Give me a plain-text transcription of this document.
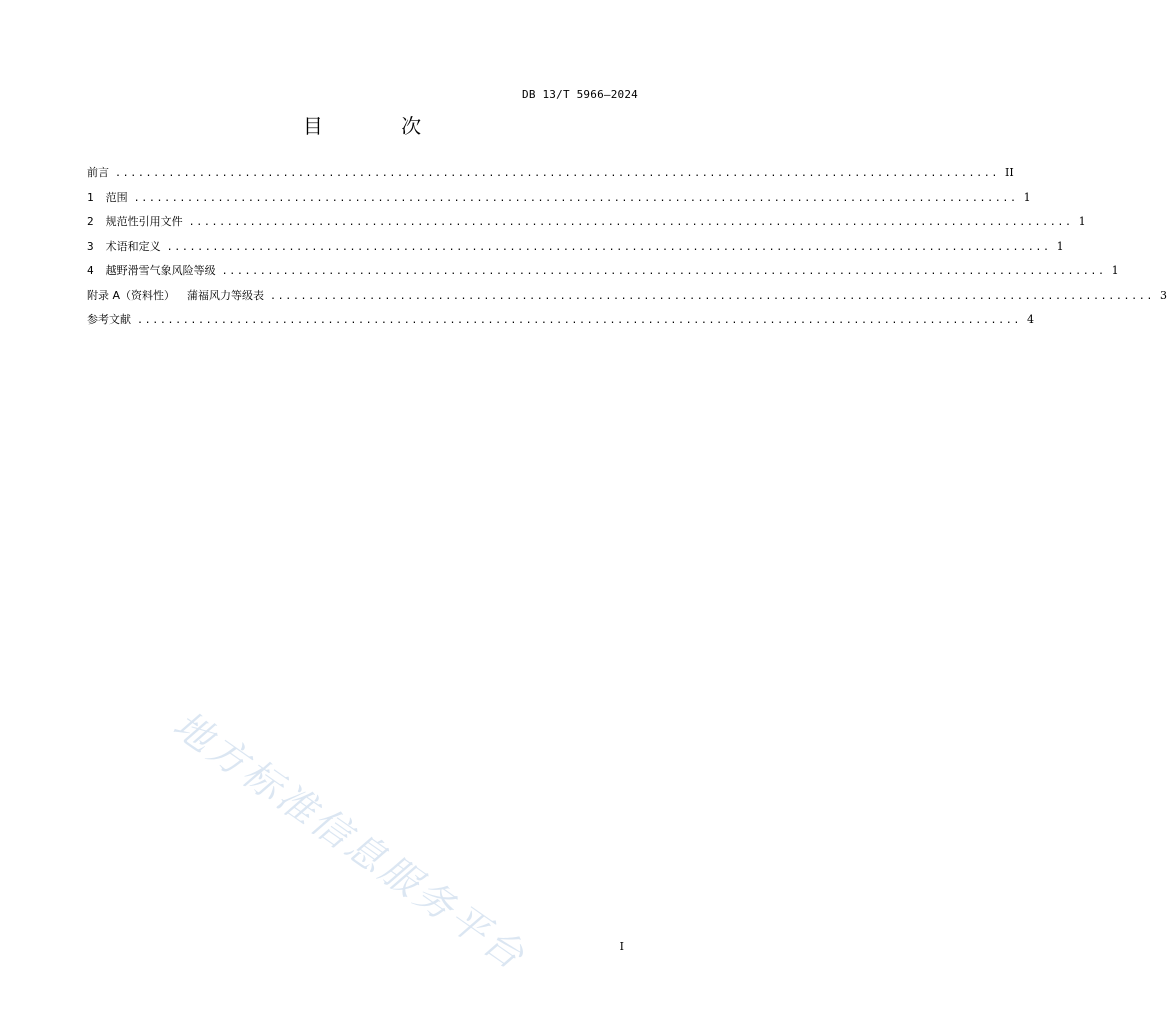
DB 13/T 5966—2024
目 次
前言 .................................................................................................................... II
1 范围 .................................................................................................................... 1
2 规范性引用文件 .................................................................................................................... 1
3 术语和定义 .................................................................................................................... 1
4 越野滑雪气象风险等级 .................................................................................................................... 1
附录 A（资料性） 蒲福风力等级表 .................................................................................................................... 3
参考文献 .................................................................................................................... 4
地方标准信息服务平台	I
